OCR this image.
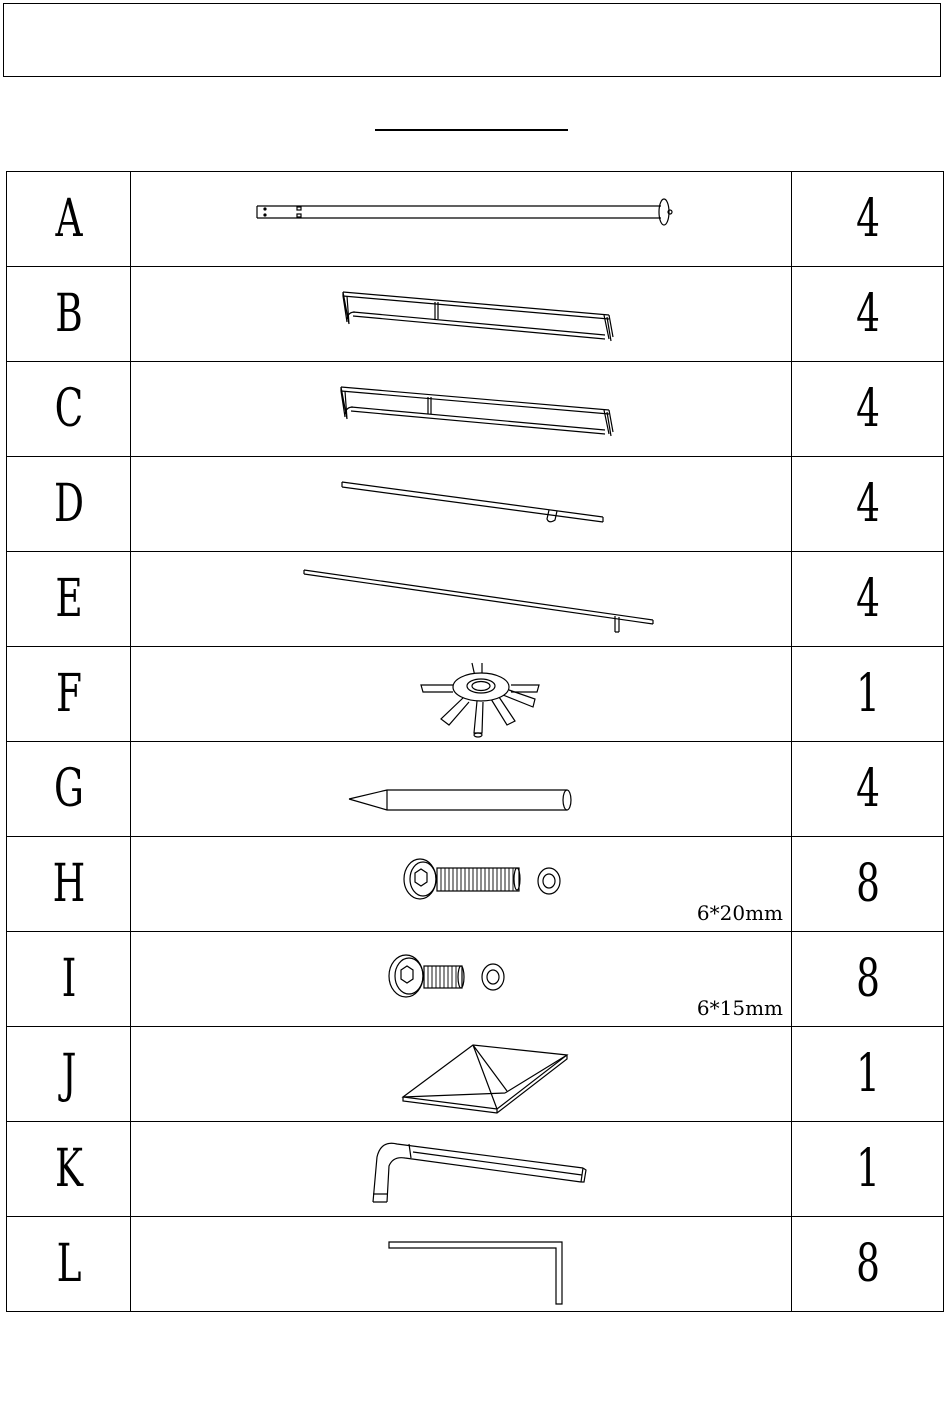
A		4
B		4
C		4
D		4
E		4
F		1
G		4
H	6*20mm	8
I	6*15mm	8
J		1
K		1
L		8
